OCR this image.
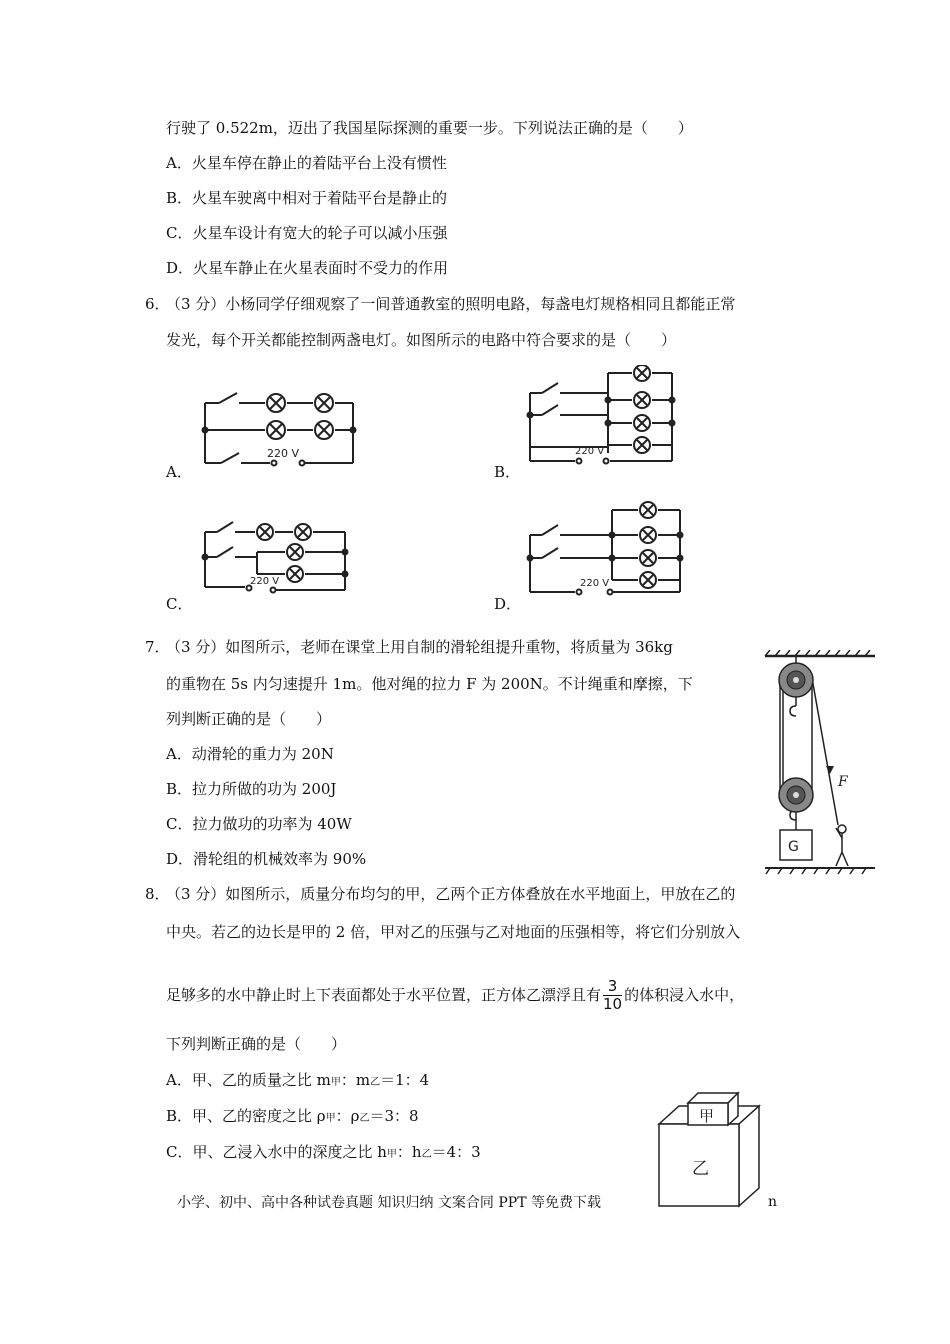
行驶了 0.522m，迈出了我国星际探测的重要一步。下列说法正确的是（　　）
A．火星车停在静止的着陆平台上没有惯性
B．火星车驶离中相对于着陆平台是静止的
C．火星车设计有宽大的轮子可以减小压强
D．火星车静止在火星表面时不受力的作用
6．
（3 分）小杨同学仔细观察了一间普通教室的照明电路，每盏电灯规格相同且都能正常
发光，每个开关都能控制两盏电灯。如图所示的电路中符合要求的是（　　）
220 V
A．
220 V
B．
220 V
C．
220 V
D．
7．
（3 分）如图所示，老师在课堂上用自制的滑轮组提升重物，将质量为 36kg
的重物在 5s 内匀速提升 1m。他对绳的拉力 F 为 200N。不计绳重和摩擦，下
列判断正确的是（　　）
A．动滑轮的重力为 20N
B．拉力所做的功为 200J
C．拉力做功的功率为 40W
D．滑轮组的机械效率为 90%
F
G
8．
（3 分）如图所示，质量分布均匀的甲，乙两个正方体叠放在水平地面上，甲放在乙的
中央。若乙的边长是甲的 2 倍，甲对乙的压强与乙对地面的压强相等，将它们分别放入
足够多的水中静止时上下表面都处于水平位置，正方体乙漂浮且有 $\frac{3}{10}$ 的体积浸入水中，
下列判断正确的是（　　）
A．甲、乙的质量之比 m甲：m乙＝1：4
B．甲、乙的密度之比 ρ甲：ρ乙＝3：8
C．甲、乙浸入水中的深度之比 h甲：h乙＝4：3
甲
乙
小学、初中、高中各种试卷真题 知识归纳 文案合同 PPT 等免费下载	n
